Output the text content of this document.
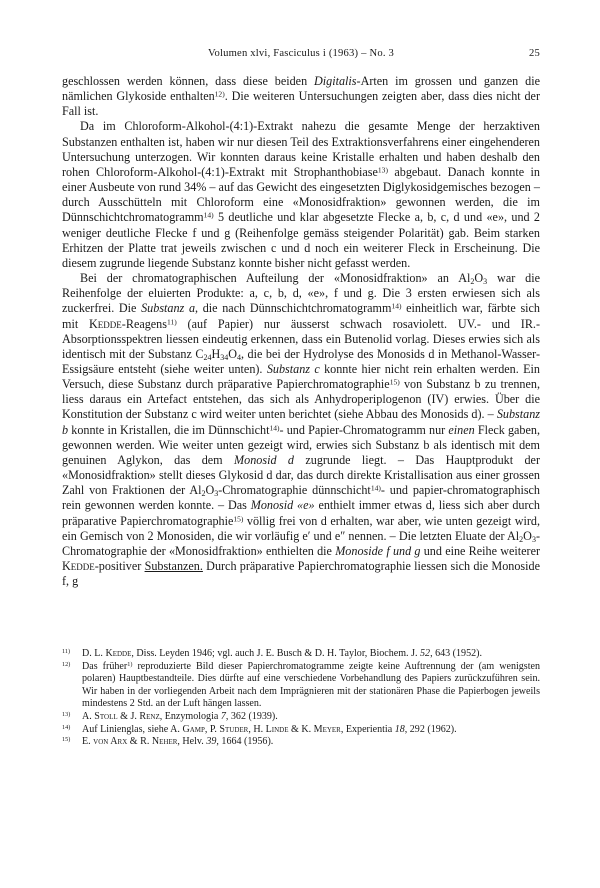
Volumen xlvi, Fasciculus i (1963) – No. 3	25

geschlossen werden können, dass diese beiden Digitalis-Arten im grossen und ganzen die nämlichen Glykoside enthalten$^{12)}$. Die weiteren Untersuchungen zeigten aber, dass dies nicht der Fall ist.

Da im Chloroform-Alkohol-(4:1)-Extrakt nahezu die gesamte Menge der herzaktiven Substanzen enthalten ist, haben wir nur diesen Teil des Extraktionsverfahrens einer eingehenderen Untersuchung unterzogen. Wir konnten daraus keine Kristalle erhalten und haben deshalb den rohen Chloroform-Alkohol-(4:1)-Extrakt mit Strophanthobiase$^{13)}$ abgebaut. Danach konnte in einer Ausbeute von rund 34% – auf das Gewicht des eingesetzten Diglykosidgemisches bezogen – durch Ausschütteln mit Chloroform eine «Monosidfraktion» gewonnen werden, die im Dünnschichtchromatogramm$^{14)}$ 5 deutliche und klar abgesetzte Flecke a, b, c, d und «e», und 2 weniger deutliche Flecke f und g (Reihenfolge gemäss steigender Polarität) gab. Beim starken Erhitzen der Platte trat jeweils zwischen c und d noch ein weiterer Fleck in Erscheinung. Die diesem zugrunde liegende Substanz konnte bisher nicht gefasst werden.

Bei der chromatographischen Aufteilung der «Monosidfraktion» an $Al_2O_3$ war die Reihenfolge der eluierten Produkte: a, c, b, d, «e», f und g. Die 3 ersten erwiesen sich als zuckerfrei. Die Substanz a, die nach Dünnschichtchromatogramm$^{14)}$ einheitlich war, färbte sich mit Kedde-Reagens$^{11)}$ (auf Papier) nur äusserst schwach rosaviolett. UV.- und IR.-Absorptionsspektren liessen eindeutig erkennen, dass ein Butenolid vorlag. Dieses erwies sich als identisch mit der Substanz $C_{24}H_{34}O_4$, die bei der Hydrolyse des Monosids d in Methanol-Wasser-Essigsäure entsteht (siehe weiter unten). Substanz c konnte hier nicht rein erhalten werden. Ein Versuch, diese Substanz durch präparative Papierchromatographie$^{15)}$ von Substanz b zu trennen, liess daraus ein Artefact entstehen, das sich als Anhydroperiplogenon (IV) erwies. Über die Konstitution der Substanz c wird weiter unten berichtet (siehe Abbau des Monosids d). – Substanz b konnte in Kristallen, die im Dünnschicht$^{14)}$- und Papier-Chromatogramm nur einen Fleck gaben, gewonnen werden. Wie weiter unten gezeigt wird, erwies sich Substanz b als identisch mit dem genuinen Aglykon, das dem Monosid d zugrunde liegt. – Das Hauptprodukt der «Monosidfraktion» stellt dieses Glykosid d dar, das durch direkte Kristallisation aus einer grossen Zahl von Fraktionen der $Al_2O_3$-Chromatographie dünnschicht$^{14)}$- und papier-chromatographisch rein gewonnen werden konnte. – Das Monosid «e» enthielt immer etwas d, liess sich aber durch präparative Papierchromatographie$^{15)}$ völlig frei von d erhalten, war aber, wie unten gezeigt wird, ein Gemisch von 2 Monosiden, die wir vorläufig e′ und e″ nennen. – Die letzten Eluate der $Al_2O_3$-Chromatographie der «Monosidfraktion» enthielten die Monoside f und g und eine Reihe weiterer Kedde-positiver Substanzen. Durch präparative Papierchromatographie liessen sich die Monoside f, g

$^{11)}$	D. L. Kedde, Diss. Leyden 1946; vgl. auch J. E. Busch & D. H. Taylor, Biochem. J. 52, 643 (1952).
$^{12)}$	Das früher$^{1)}$ reproduzierte Bild dieser Papierchromatogramme zeigte keine Auftrennung der (am wenigsten polaren) Hauptbestandteile. Dies dürfte auf eine verschiedene Vorbehandlung des Papiers zurückzuführen sein. Wir haben in der vorliegenden Arbeit nach dem Imprägnieren mit der stationären Phase die Papierbogen jeweils mindestens 2 Std. an der Luft hängen lassen.
$^{13)}$	A. Stoll & J. Renz, Enzymologia 7, 362 (1939).
$^{14)}$	Auf Linienglas, siehe A. Gamp, P. Studer, H. Linde & K. Meyer, Experientia 18, 292 (1962).
$^{15)}$	E. von Arx & R. Neher, Helv. 39, 1664 (1956).
